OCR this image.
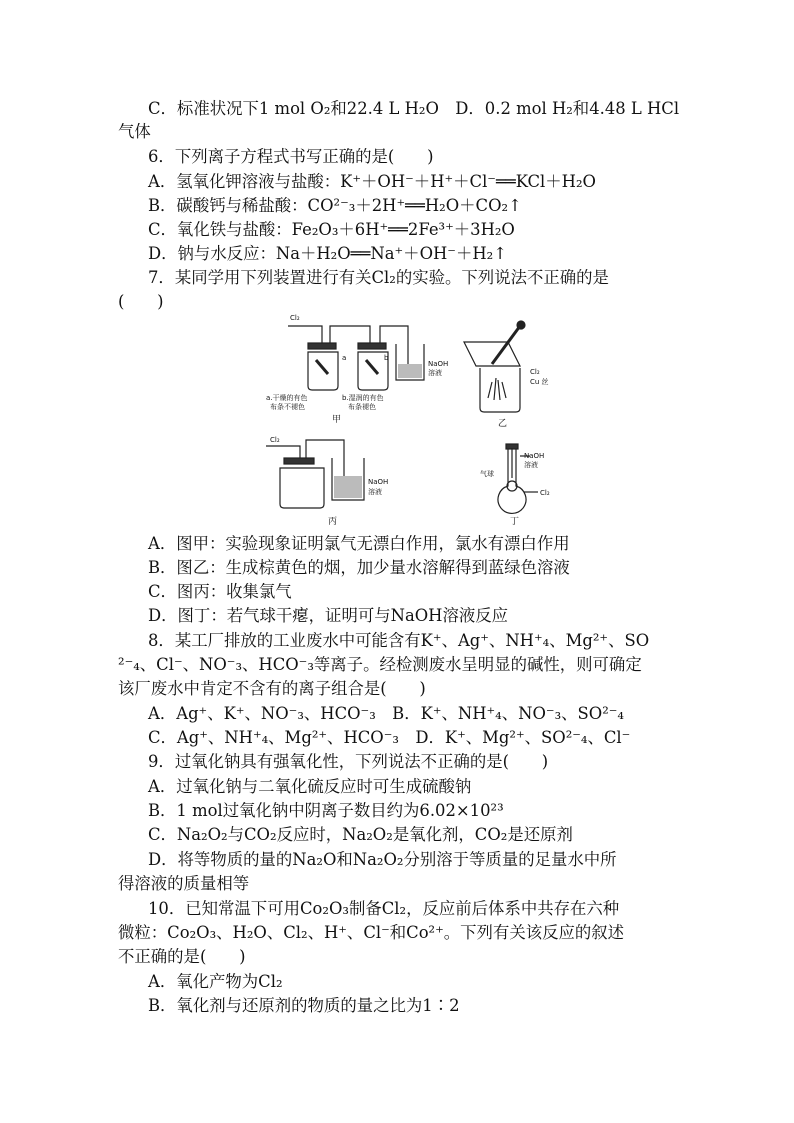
C．标准状况下1 mol O₂和22.4 L H₂O　D．0.2 mol H₂和4.48 L HCl
气体
6．下列离子方程式书写正确的是(　　)
A．氢氧化钾溶液与盐酸：K⁺＋OH⁻＋H⁺＋Cl⁻══KCl＋H₂O
B．碳酸钙与稀盐酸：CO²⁻₃＋2H⁺══H₂O＋CO₂↑
C．氧化铁与盐酸：Fe₂O₃＋6H⁺══2Fe³⁺＋3H₂O
D．钠与水反应：Na＋H₂O══Na⁺＋OH⁻＋H₂↑
7．某同学用下列装置进行有关Cl₂的实验。下列说法不正确的是
(　　)
Cl₂
a	b
NaOH
溶液
a.干燥的有色
布条不褪色
b.湿润的有色
布条褪色
Cl₂
Cu 丝
Cl₂
NaOH
溶液
NaOH
溶液
气球
Cl₂
甲	乙
丙	丁
A．图甲：实验现象证明氯气无漂白作用，氯水有漂白作用
B．图乙：生成棕黄色的烟，加少量水溶解得到蓝绿色溶液
C．图丙：收集氯气
D．图丁：若气球干瘪，证明可与NaOH溶液反应
8．某工厂排放的工业废水中可能含有K⁺、Ag⁺、NH⁺₄、Mg²⁺、SO
²⁻₄、Cl⁻、NO⁻₃、HCO⁻₃等离子。经检测废水呈明显的碱性，则可确定
该厂废水中肯定不含有的离子组合是(　　)
A．Ag⁺、K⁺、NO⁻₃、HCO⁻₃　B．K⁺、NH⁺₄、NO⁻₃、SO²⁻₄
C．Ag⁺、NH⁺₄、Mg²⁺、HCO⁻₃　D．K⁺、Mg²⁺、SO²⁻₄、Cl⁻
9．过氧化钠具有强氧化性，下列说法不正确的是(　　)
A．过氧化钠与二氧化硫反应时可生成硫酸钠
B．1 mol过氧化钠中阴离子数目约为6.02×10²³
C．Na₂O₂与CO₂反应时，Na₂O₂是氧化剂，CO₂是还原剂
D．将等物质的量的Na₂O和Na₂O₂分别溶于等质量的足量水中所
得溶液的质量相等
10．已知常温下可用Co₂O₃制备Cl₂，反应前后体系中共存在六种
微粒：Co₂O₃、H₂O、Cl₂、H⁺、Cl⁻和Co²⁺。下列有关该反应的叙述
不正确的是(　　)
A．氧化产物为Cl₂
B．氧化剂与还原剂的物质的量之比为1∶2
